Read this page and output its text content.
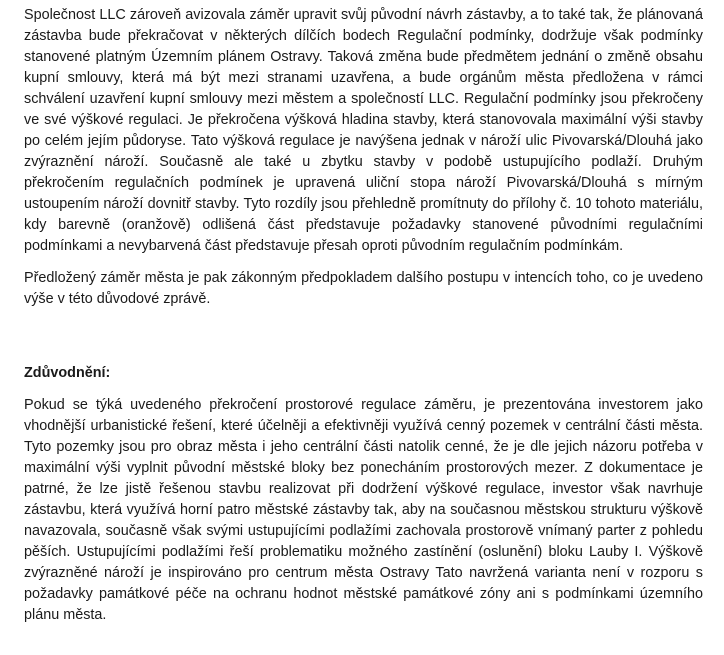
Společnost LLC zároveň avizovala záměr upravit svůj původní návrh zástavby, a to také tak, že plánovaná zástavba bude překračovat v některých dílčích bodech Regulační podmínky, dodržuje však podmínky stanovené platným Územním plánem Ostravy. Taková změna bude předmětem jednání o změně obsahu kupní smlouvy, která má být mezi stranami uzavřena, a bude orgánům města předložena v rámci schválení uzavření kupní smlouvy mezi městem a společností LLC. Regulační podmínky jsou překročeny ve své výškové regulaci. Je překročena výšková hladina stavby, která stanovovala maximální výši stavby po celém jejím půdorysе. Tato výšková regulace je navýšena jednak v nároží ulic Pivovarská/Dlouhá jako zvýraznění nároží. Současně ale také u zbytku stavby v podobě ustupujícího podlaží. Druhým překročením regulačních podmínek je upravená uliční stopa nároží Pivovarská/Dlouhá s mírným ustoupením nároží dovnitř stavby. Tyto rozdíly jsou přehledně promítnuty do přílohy č. 10 tohoto materiálu, kdy barevně (oranžově) odlišená část představuje požadavky stanovené původními regulačními podmínkami a nevybarvená část představuje přesah oproti původním regulačním podmínkám.

Předložený záměr města je pak zákonným předpokladem dalšího postupu v intencích toho, co je uvedeno výše v této důvodové zprávě.

Zdůvodnění:

Pokud se týká uvedeného překročení prostorové regulace záměru, je prezentována investorem jako vhodnější urbanistické řešení, které účelněji a efektivněji využívá cenný pozemek v centrální části města. Tyto pozemky jsou pro obraz města i jeho centrální části natolik cenné, že je dle jejich názoru potřeba v maximální výši vyplnit původní městské bloky bez ponecháním prostorových mezer. Z dokumentace je patrné, že lze jistě řešenou stavbu realizovat při dodržení výškové regulace, investor však navrhuje zástavbu, která využívá horní patro městské zástavby tak, aby na současnou městskou strukturu výškově navazovala, současně však svými ustupujícími podlažími zachovala prostorově vnímaný parter z pohledu pěších. Ustupujícími podlažími řeší problematiku možného zastínění (oslunění) bloku Lauby I. Výškově zvýrazněné nároží je inspirováno pro centrum města Ostravy Tato navržená varianta není v rozporu s požadavky památkové péče na ochranu hodnot městské památkové zóny ani s podmínkami územního plánu města.
